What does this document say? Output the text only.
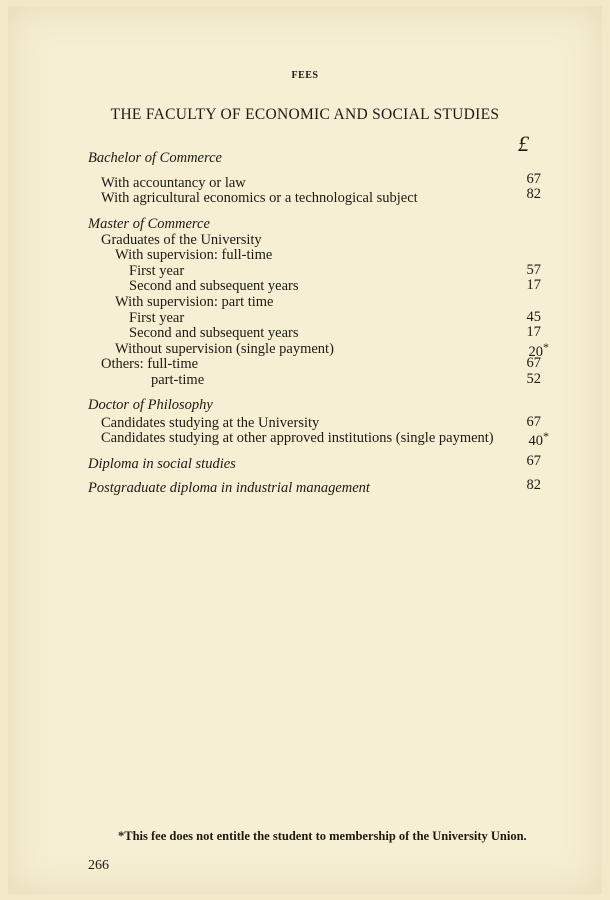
FEES
THE FACULTY OF ECONOMIC AND SOCIAL STUDIES
£
Bachelor of Commerce
With accountancy or law	67
With agricultural economics or a technological subject	82
Master of Commerce
Graduates of the University
With supervision: full-time
First year	57
Second and subsequent years	17
With supervision: part time
First year	45
Second and subsequent years	17
Without supervision (single payment)	20*
Others: full-time	67
part-time	52
Doctor of Philosophy
Candidates studying at the University	67
Candidates studying at other approved institutions (single payment)	40*
Diploma in social studies	67
Postgraduate diploma in industrial management	82
*This fee does not entitle the student to membership of the University Union.
266
